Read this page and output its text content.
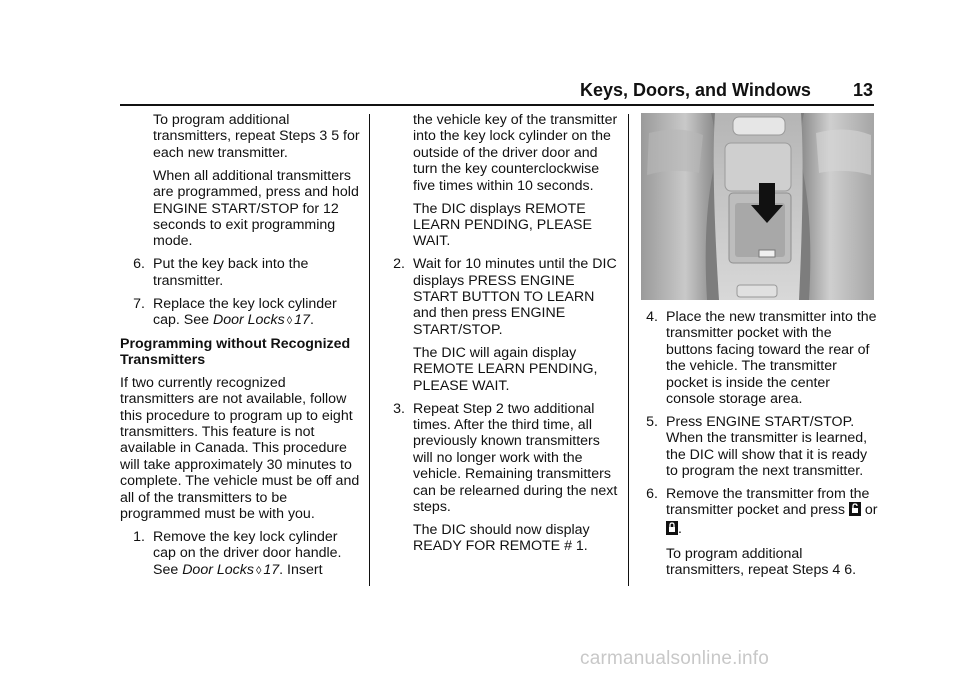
Keys, Doors, and Windows 13

To program additional transmitters, repeat Steps 3 5 for each new transmitter.

When all additional transmitters are programmed, press and hold ENGINE START/STOP for 12 seconds to exit programming mode.

6. Put the key back into the transmitter.
7. Replace the key lock cylinder cap. See Door Locks ◊ 17.

Programming without Recognized Transmitters

If two currently recognized transmitters are not available, follow this procedure to program up to eight transmitters. This feature is not available in Canada. This procedure will take approximately 30 minutes to complete. The vehicle must be off and all of the transmitters to be programmed must be with you.

1. Remove the key lock cylinder cap on the driver door handle. See Door Locks ◊ 17. Insert

the vehicle key of the transmitter into the key lock cylinder on the outside of the driver door and turn the key counterclockwise five times within 10 seconds.

The DIC displays REMOTE LEARN PENDING, PLEASE WAIT.

2. Wait for 10 minutes until the DIC displays PRESS ENGINE START BUTTON TO LEARN and then press ENGINE START/STOP.

The DIC will again display REMOTE LEARN PENDING, PLEASE WAIT.

3. Repeat Step 2 two additional times. After the third time, all previously known transmitters will no longer work with the vehicle. Remaining transmitters can be relearned during the next steps.

The DIC should now display READY FOR REMOTE # 1.

4. Place the new transmitter into the transmitter pocket with the buttons facing toward the rear of the vehicle. The transmitter pocket is inside the center console storage area.
5. Press ENGINE START/STOP. When the transmitter is learned, the DIC will show that it is ready to program the next transmitter.
6. Remove the transmitter from the transmitter pocket and press  or .

To program additional transmitters, repeat Steps 4 6.

carmanualsonline.info
